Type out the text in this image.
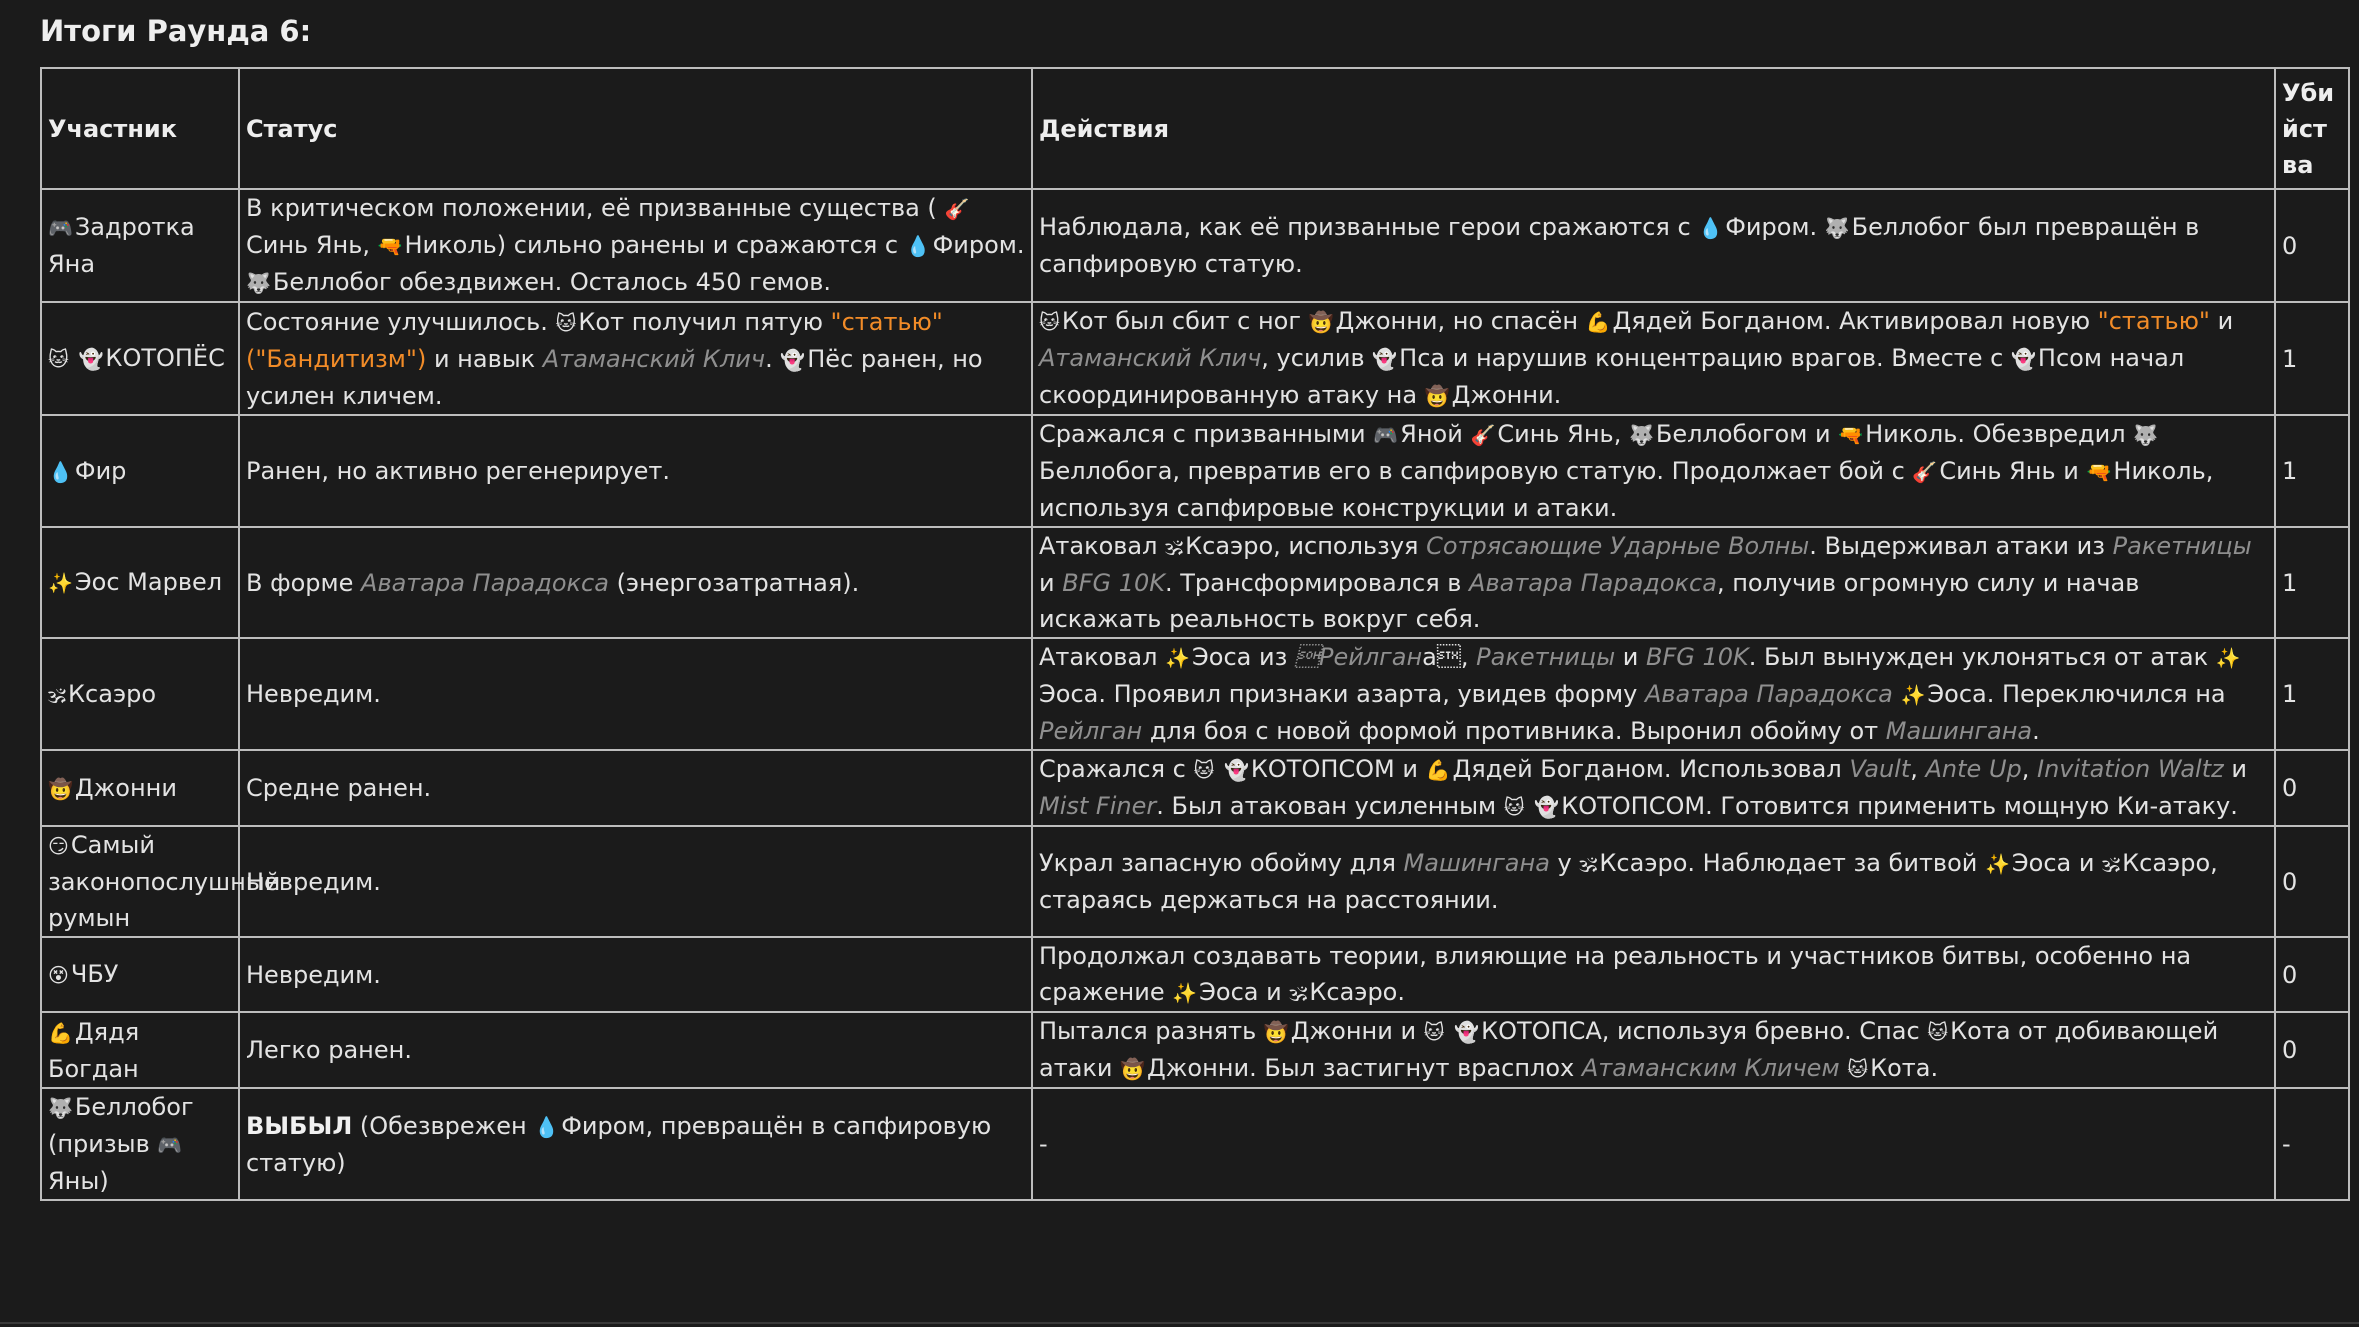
Итоги Раунда 6:
Участник	Статус	Действия	Уби
йст
ва
🎮Задротка Яна	В критическом положении, её призванные существа ( 🎸Синь Янь, 🔫Николь) сильно ранены и сражаются с 💧Фиром. 🐺Беллобог обездвижен. Осталось 450 гемов.	Наблюдала, как её призванные герои сражаются с 💧Фиром. 🐺Беллобог был превращён в сапфировую статую.	0
🐱 👻КОТОПЁС	Состояние улучшилось. 🐱Кот получил пятую "статью" ("Бандитизм") и навык Атаманский Клич. 👻Пёс ранен, но усилен кличем.	🐱Кот был сбит с ног 🤠Джонни, но спасён 💪Дядей Богданом. Активировал новую "статью" и Атаманский Клич, усилив 👻Пса и нарушив концентрацию врагов. Вместе с 👻Псом начал скоординированную атаку на 🤠Джонни.	1
💧Фир	Ранен, но активно регенерирует.	Сражался с призванными 🎮Яной 🎸Синь Янь, 🐺Беллобогом и 🔫Николь. Обезвредил 🐺Беллобога, превратив его в сапфировую статую. Продолжает бой с 🎸Синь Янь и 🔫Николь, используя сапфировые конструкции и атаки.	1
✨Эос Марвел	В форме Аватара Парадокса (энергозатратная).	Атаковал 🕉Ксаэро, используя Сотрясающие Ударные Волны. Выдерживал атаки из Ракетницы и BFG 10K. Трансформировался в Аватара Парадокса, получив огромную силу и начав искажать реальность вокруг себя.	1
🕉Ксаэро	Невредим.	Атаковал ✨Эоса из Рейлгана, Ракетницы и BFG 10K. Был вынужден уклоняться от атак ✨Эоса. Проявил признаки азарта, увидев форму Аватара Парадокса ✨Эоса. Переключился на Рейлган для боя с новой формой противника. Выронил обойму от Машингана.	1
🤠Джонни	Средне ранен.	Сражался с 🐱 👻КОТОПСОМ и 💪Дядей Богданом. Использовал Vault, Ante Up, Invitation Waltz и Mist Finer. Был атакован усиленным 🐱 👻КОТОПСОМ. Готовится применить мощную Ки-атаку.	0
😏Самый законопослушный румын	Невредим.	Украл запасную обойму для Машингана у 🕉Ксаэро. Наблюдает за битвой ✨Эоса и 🕉Ксаэро, стараясь держаться на расстоянии.	0
😵ЧБУ	Невредим.	Продолжал создавать теории, влияющие на реальность и участников битвы, особенно на сражение ✨Эоса и 🕉Ксаэро.	0
💪Дядя Богдан	Легко ранен.	Пытался разнять 🤠Джонни и 🐱 👻КОТОПСА, используя бревно. Спас 🐱Кота от добивающей атаки 🤠Джонни. Был застигнут врасплох Атаманским Кличем 🐱Кота.	0
🐺Беллобог (призыв 🎮 Яны)	ВЫБЫЛ (Обезврежен 💧Фиром, превращён в сапфировую статую)	-	-
